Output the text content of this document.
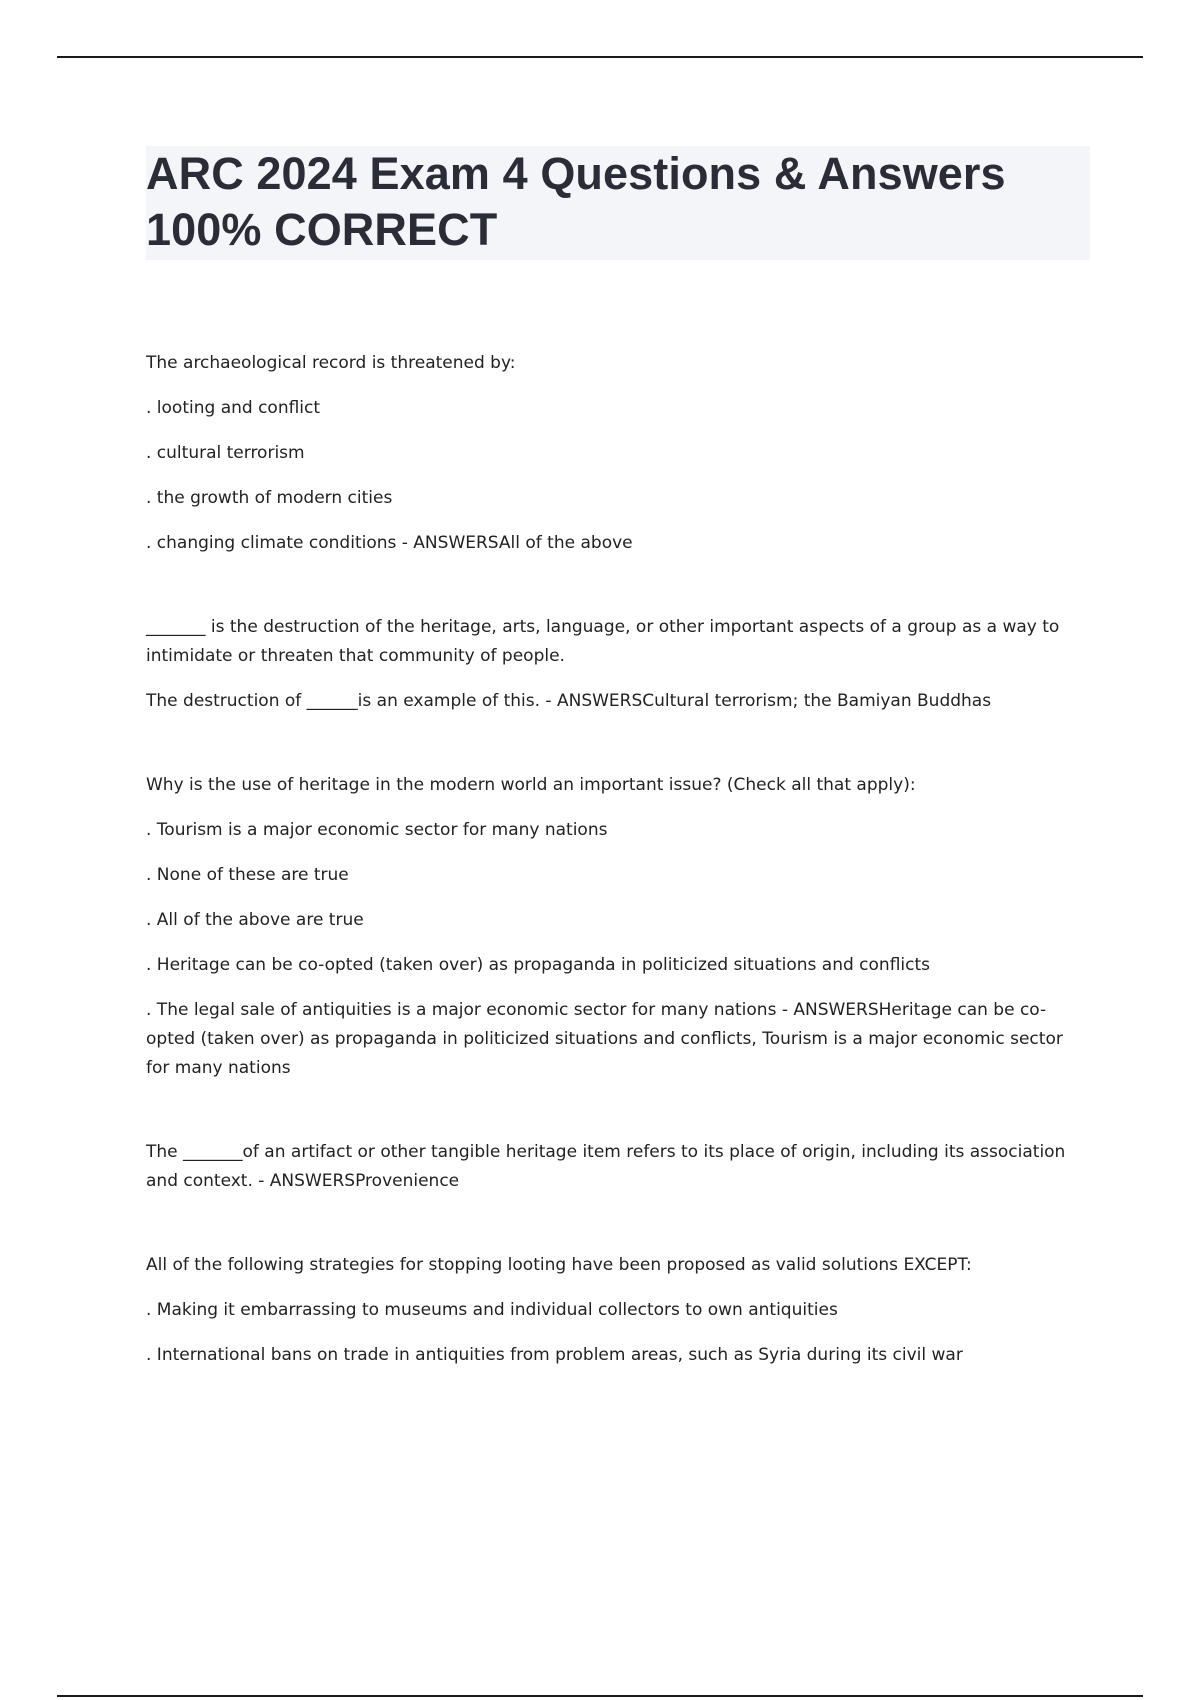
ARC 2024 Exam 4 Questions & Answers 100% CORRECT

The archaeological record is threatened by:

. looting and conflict

. cultural terrorism

. the growth of modern cities

. changing climate conditions - ANSWERSAll of the above

_______ is the destruction of the heritage, arts, language, or other important aspects of a group as a way to intimidate or threaten that community of people.

The destruction of ______is an example of this. - ANSWERSCultural terrorism; the Bamiyan Buddhas

Why is the use of heritage in the modern world an important issue? (Check all that apply):

. Tourism is a major economic sector for many nations

. None of these are true

. All of the above are true

. Heritage can be co-opted (taken over) as propaganda in politicized situations and conflicts

. The legal sale of antiquities is a major economic sector for many nations - ANSWERSHeritage can be co-opted (taken over) as propaganda in politicized situations and conflicts, Tourism is a major economic sector for many nations

The _______of an artifact or other tangible heritage item refers to its place of origin, including its association and context. - ANSWERSProvenience

All of the following strategies for stopping looting have been proposed as valid solutions EXCEPT:

. Making it embarrassing to museums and individual collectors to own antiquities

. International bans on trade in antiquities from problem areas, such as Syria during its civil war
